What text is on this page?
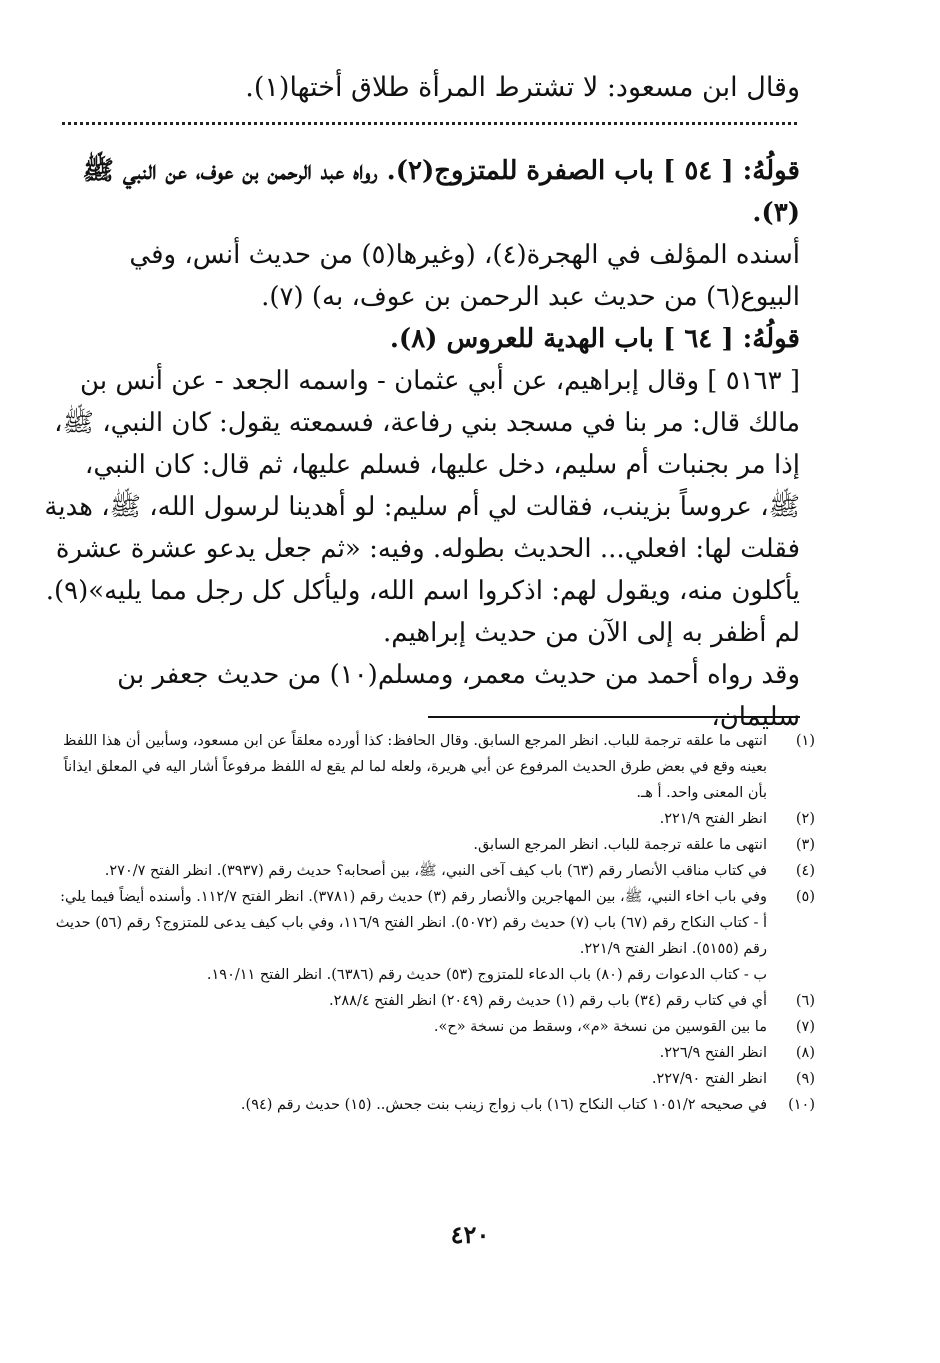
وقال ابن مسعود: لا تشترط المرأة طلاق أختها(١).

قولُهُ: [ ٥٤ ] باب الصفرة للمتزوج(٢). رواه عبد الرحمن بن عوف، عن النبي ﷺ (٣).

أسنده المؤلف في الهجرة(٤)، (وغيرها(٥) من حديث أنس، وفي البيوع(٦) من حديث عبد الرحمن بن عوف، به) (٧).

قولُهُ: [ ٦٤ ] باب الهدية للعروس (٨).

[ ٥١٦٣ ] وقال إبراهيم، عن أبي عثمان - واسمه الجعد - عن أنس بن مالك قال: مر بنا في مسجد بني رفاعة، فسمعته يقول: كان النبي، ﷺ، إذا مر بجنبات أم سليم، دخل عليها، فسلم عليها، ثم قال: كان النبي، ﷺ، عروساً بزينب، فقالت لي أم سليم: لو أهدينا لرسول الله، ﷺ، هدية فقلت لها: افعلي... الحديث بطوله. وفيه: «ثم جعل يدعو عشرة عشرة يأكلون منه، ويقول لهم: اذكروا اسم الله، وليأكل كل رجل مما يليه»(٩).

لم أظفر به إلى الآن من حديث إبراهيم.

وقد رواه أحمد من حديث معمر، ومسلم(١٠) من حديث جعفر بن سليمان،

(١)
انتهى ما علقه ترجمة للباب. انظر المرجع السابق. وقال الحافظ: كذا أورده معلقاً عن ابن مسعود، وسأبين أن هذا اللفظ بعينه وقع في بعض طرق الحديث المرفوع عن أبي هريرة، ولعله لما لم يقع له اللفظ مرفوعاً أشار اليه في المعلق ايذاناً بأن المعنى واحد. أ هـ.
(٢)
انظر الفتح ٢٢١/٩.
(٣)
انتهى ما علقه ترجمة للباب. انظر المرجع السابق.
(٤)
في كتاب مناقب الأنصار رقم (٦٣) باب كيف آخى النبي، ﷺ، بين أصحابه؟ حديث رقم (٣٩٣٧). انظر الفتح ٢٧٠/٧.
(٥)
وفي باب اخاء النبي، ﷺ، بين المهاجرين والأنصار رقم (٣) حديث رقم (٣٧٨١). انظر الفتح ١١٢/٧. وأسنده أيضاً فيما يلي:
أ - كتاب النكاح رقم (٦٧) باب (٧) حديث رقم (٥٠٧٢). انظر الفتح ١١٦/٩، وفي باب كيف يدعى للمتزوج؟ رقم (٥٦) حديث رقم (٥١٥٥). انظر الفتح ٢٢١/٩.
ب - كتاب الدعوات رقم (٨٠) باب الدعاء للمتزوج (٥٣) حديث رقم (٦٣٨٦). انظر الفتح ١٩٠/١١.
(٦)
أي في كتاب رقم (٣٤) باب رقم (١) حديث رقم (٢٠٤٩) انظر الفتح ٢٨٨/٤.
(٧)
ما بين القوسين من نسخة «م»، وسقط من نسخة «ح».
(٨)
انظر الفتح ٢٢٦/٩.
(٩)
انظر الفتح ٢٢٧/٩٠.
(١٠)
في صحيحه ١٠٥١/٢ كتاب النكاح (١٦) باب زواج زينب بنت جحش.. (١٥) حديث رقم (٩٤).
٤٢٠
